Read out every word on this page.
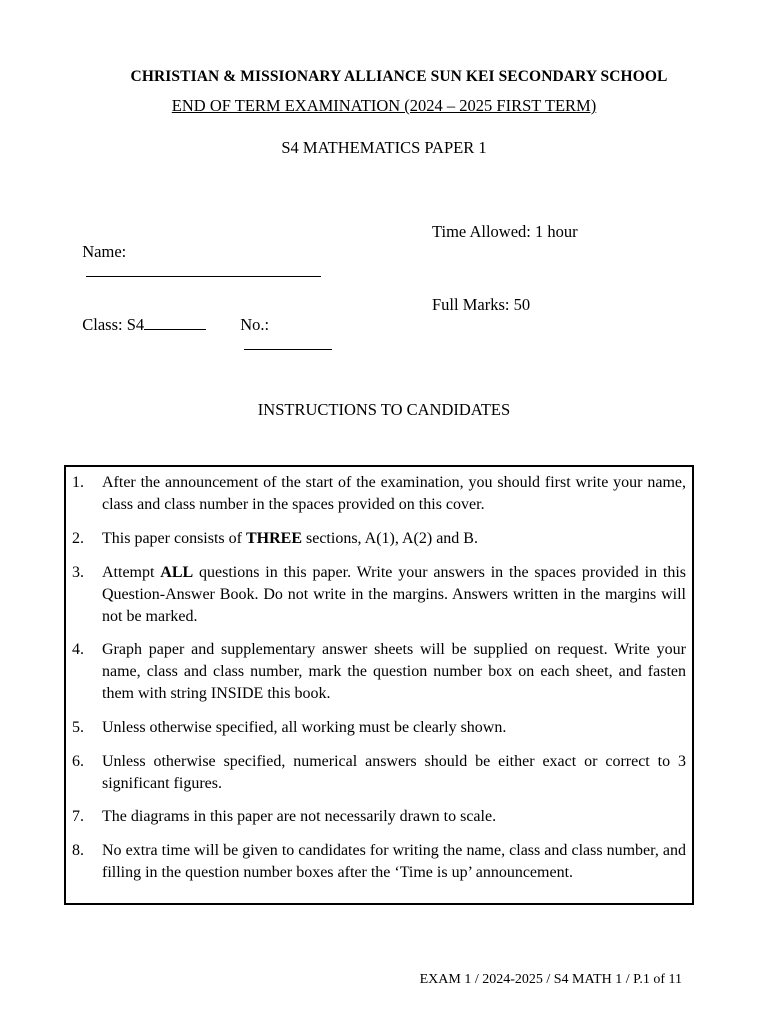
CHRISTIAN & MISSIONARY ALLIANCE SUN KEI SECONDARY SCHOOL
END OF TERM EXAMINATION (2024 – 2025 FIRST TERM)
S4 MATHEMATICS PAPER 1

Name:

Time Allowed: 1 hour

Class: S4	No.:

Full Marks: 50
INSTRUCTIONS TO CANDIDATES
1.	After the announcement of the start of the examination, you should first write your name, class and class number in the spaces provided on this cover.
2.	This paper consists of THREE sections, A(1), A(2) and B.
3.	Attempt ALL questions in this paper. Write your answers in the spaces provided in this Question-Answer Book. Do not write in the margins. Answers written in the margins will not be marked.
4.	Graph paper and supplementary answer sheets will be supplied on request. Write your name, class and class number, mark the question number box on each sheet, and fasten them with string INSIDE this book.
5.	Unless otherwise specified, all working must be clearly shown.
6.	Unless otherwise specified, numerical answers should be either exact or correct to 3 significant figures.
7.	The diagrams in this paper are not necessarily drawn to scale.
8.	No extra time will be given to candidates for writing the name, class and class number, and filling in the question number boxes after the ‘Time is up’ announcement.
EXAM 1 / 2024-2025 / S4 MATH 1 / P.1 of 11
